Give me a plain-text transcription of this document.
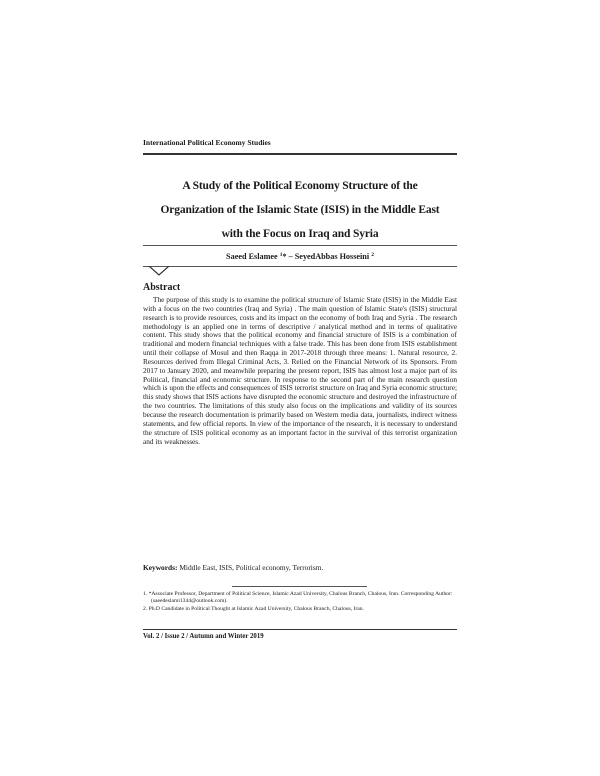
International Political Economy Studies
A Study of the Political Economy Structure of the
Organization of the Islamic State (ISIS) in the Middle East
with the Focus on Iraq and Syria
Saeed Eslamee $^1$* – SeyedAbbas Hosseini $^2$
Abstract

The purpose of this study is to examine the political structure of Islamic State (ISIS) in the Middle East with a focus on the two countries (Iraq and Syria) . The main question of Islamic State's (ISIS) structural research is to provide resources, costs and its impact on the economy of both Iraq and Syria . The research methodology is an applied one in terms of descriptive / analytical method and in terms of qualitative content. This study shows that the political economy and financial structure of ISIS is a combination of traditional and modern financial techniques with a false trade. This has been done from ISIS establishment until their collapse of Mosul and then Raqqa in 2017-2018 through three means: 1. Natural resource, 2. Resources derived from Illegal Criminal Acts, 3. Relied on the Financial Network of its Sponsors. From 2017 to January 2020, and meanwhile preparing the present report, ISIS has almost lost a major part of its Political, financial and economic structure. In response to the second part of the main research question which is upon the effects and consequences of ISIS terrorist structure on Iraq and Syria economic structure; this study shows that ISIS actions have disrupted the economic structure and destroyed the infrastructure of the two countries. The limitations of this study also focus on the implications and validity of its sources because the research documentation is primarily based on Western media data, journalists, indirect witness statements, and few official reports. In view of the importance of the research, it is necessary to understand the structure of ISIS political economy as an important factor in the survival of this terrorist organization and its weaknesses.

Keywords: Middle East, ISIS, Political economy, Terrorism.

1. *Associate Professor, Department of Political Science, Islamic Azad University, Chalous Branch, Chalous, Iran. Corresponding Author: (saeedeslami1344@outlook.com).

2. Ph.D Candidate in Political Thought at Islamic Azad University, Chalous Branch, Chalous, Iran.

Vol. 2 / Issue 2 / Autumn and Winter 2019
